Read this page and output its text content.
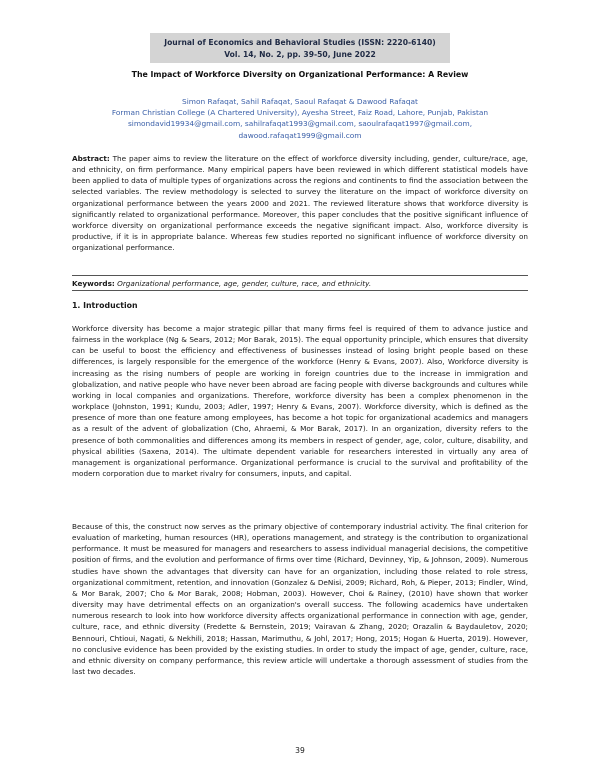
Journal of Economics and Behavioral Studies (ISSN: 2220-6140)
Vol. 14, No. 2, pp. 39-50, June 2022
The Impact of Workforce Diversity on Organizational Performance: A Review
Simon Rafaqat, Sahil Rafaqat, Saoul Rafaqat & Dawood Rafaqat
Forman Christian College (A Chartered University), Ayesha Street, Faiz Road, Lahore, Punjab, Pakistan
simondavid19934@gmail.com, sahilrafaqat1993@gmail.com, saoulrafaqat1997@gmail.com,
dawood.rafaqat1999@gmail.com
Abstract: The paper aims to review the literature on the effect of workforce diversity including, gender, culture/race, age, and ethnicity, on firm performance. Many empirical papers have been reviewed in which different statistical models have been applied to data of multiple types of organizations across the regions and continents to find the association between the selected variables. The review methodology is selected to survey the literature on the impact of workforce diversity on organizational performance between the years 2000 and 2021. The reviewed literature shows that workforce diversity is significantly related to organizational performance. Moreover, this paper concludes that the positive significant influence of workforce diversity on organizational performance exceeds the negative significant impact. Also, workforce diversity is productive, if it is in appropriate balance. Whereas few studies reported no significant influence of workforce diversity on organizational performance.
Keywords: Organizational performance, age, gender, culture, race, and ethnicity.
1. Introduction
Workforce diversity has become a major strategic pillar that many firms feel is required of them to advance justice and fairness in the workplace (Ng & Sears, 2012; Mor Barak, 2015). The equal opportunity principle, which ensures that diversity can be useful to boost the efficiency and effectiveness of businesses instead of losing bright people based on these differences, is largely responsible for the emergence of the workforce (Henry & Evans, 2007). Also, Workforce diversity is increasing as the rising numbers of people are working in foreign countries due to the increase in immigration and globalization, and native people who have never been abroad are facing people with diverse backgrounds and cultures while working in local companies and organizations. Therefore, workforce diversity has been a complex phenomenon in the workplace (Johnston, 1991; Kundu, 2003; Adler, 1997; Henry & Evans, 2007). Workforce diversity, which is defined as the presence of more than one feature among employees, has become a hot topic for organizational academics and managers as a result of the advent of globalization (Cho, Ahraemi, & Mor Barak, 2017). In an organization, diversity refers to the presence of both commonalities and differences among its members in respect of gender, age, color, culture, disability, and physical abilities (Saxena, 2014). The ultimate dependent variable for researchers interested in virtually any area of management is organizational performance. Organizational performance is crucial to the survival and profitability of the modern corporation due to market rivalry for consumers, inputs, and capital.
Because of this, the construct now serves as the primary objective of contemporary industrial activity. The final criterion for evaluation of marketing, human resources (HR), operations management, and strategy is the contribution to organizational performance. It must be measured for managers and researchers to assess individual managerial decisions, the competitive position of firms, and the evolution and performance of firms over time (Richard, Devinney, Yip, & Johnson, 2009). Numerous studies have shown the advantages that diversity can have for an organization, including those related to role stress, organizational commitment, retention, and innovation (Gonzalez & DeNisi, 2009; Richard, Roh, & Pieper, 2013; Findler, Wind, & Mor Barak, 2007; Cho & Mor Barak, 2008; Hobman, 2003). However, Choi & Rainey, (2010) have shown that worker diversity may have detrimental effects on an organization's overall success. The following academics have undertaken numerous research to look into how workforce diversity affects organizational performance in connection with age, gender, culture, race, and ethnic diversity (Fredette & Bernstein, 2019; Vairavan & Zhang, 2020; Orazalin & Baydauletov, 2020; Bennouri, Chtioui, Nagati, & Nekhili, 2018; Hassan, Marimuthu, & Johl, 2017; Hong, 2015; Hogan & Huerta, 2019). However, no conclusive evidence has been provided by the existing studies. In order to study the impact of age, gender, culture, race, and ethnic diversity on company performance, this review article will undertake a thorough assessment of studies from the last two decades.
39
